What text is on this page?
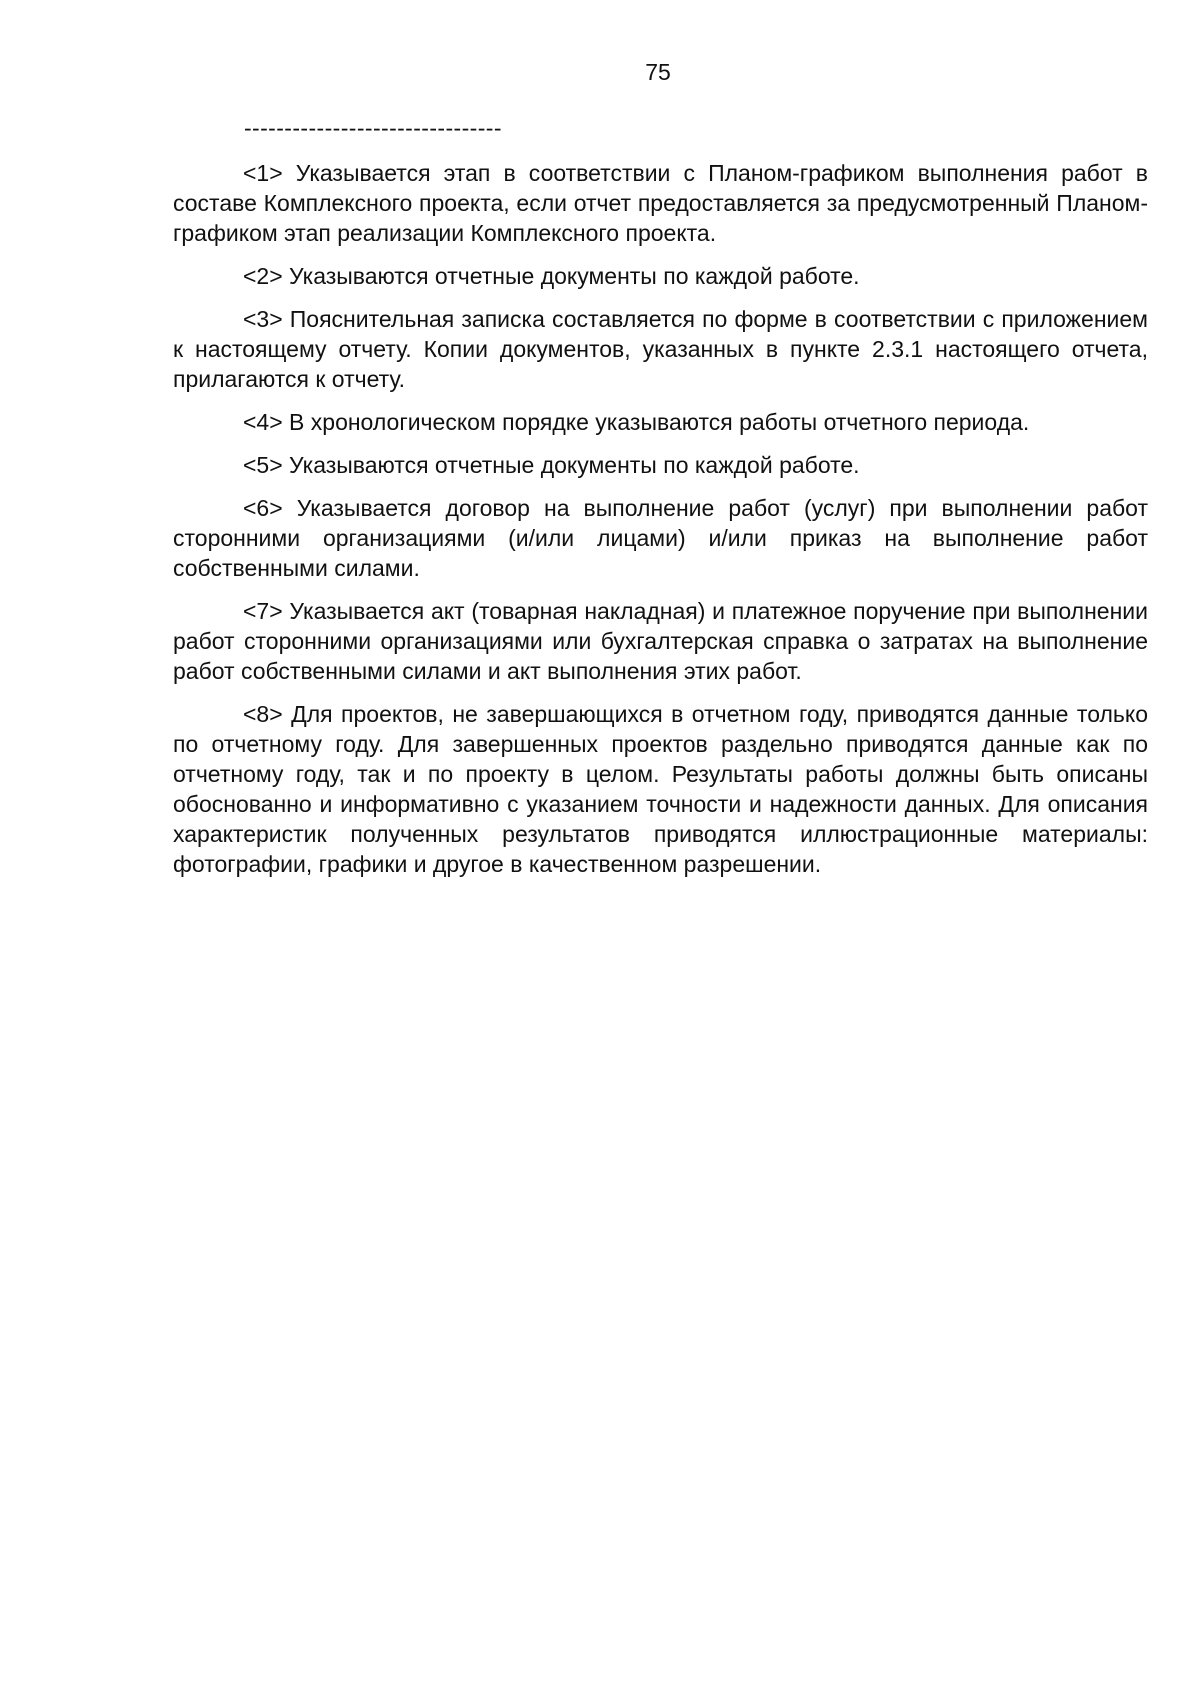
75
--------------------------------

<1> Указывается этап в соответствии с Планом-графиком выполнения работ в составе Комплексного проекта, если отчет предоставляется за предусмотренный Планом-графиком этап реализации Комплексного проекта.

<2> Указываются отчетные документы по каждой работе.

<3> Пояснительная записка составляется по форме в соответствии с приложением к настоящему отчету. Копии документов, указанных в пункте 2.3.1 настоящего отчета, прилагаются к отчету.

<4> В хронологическом порядке указываются работы отчетного периода.

<5> Указываются отчетные документы по каждой работе.

<6> Указывается договор на выполнение работ (услуг) при выполнении работ сторонними организациями (и/или лицами) и/или приказ на выполнение работ собственными силами.

<7> Указывается акт (товарная накладная) и платежное поручение при выполнении работ сторонними организациями или бухгалтерская справка о затратах на выполнение работ собственными силами и акт выполнения этих работ.

<8> Для проектов, не завершающихся в отчетном году, приводятся данные только по отчетному году. Для завершенных проектов раздельно приводятся данные как по отчетному году, так и по проекту в целом. Результаты работы должны быть описаны обоснованно и информативно с указанием точности и надежности данных. Для описания характеристик полученных результатов приводятся иллюстрационные материалы: фотографии, графики и другое в качественном разрешении.
